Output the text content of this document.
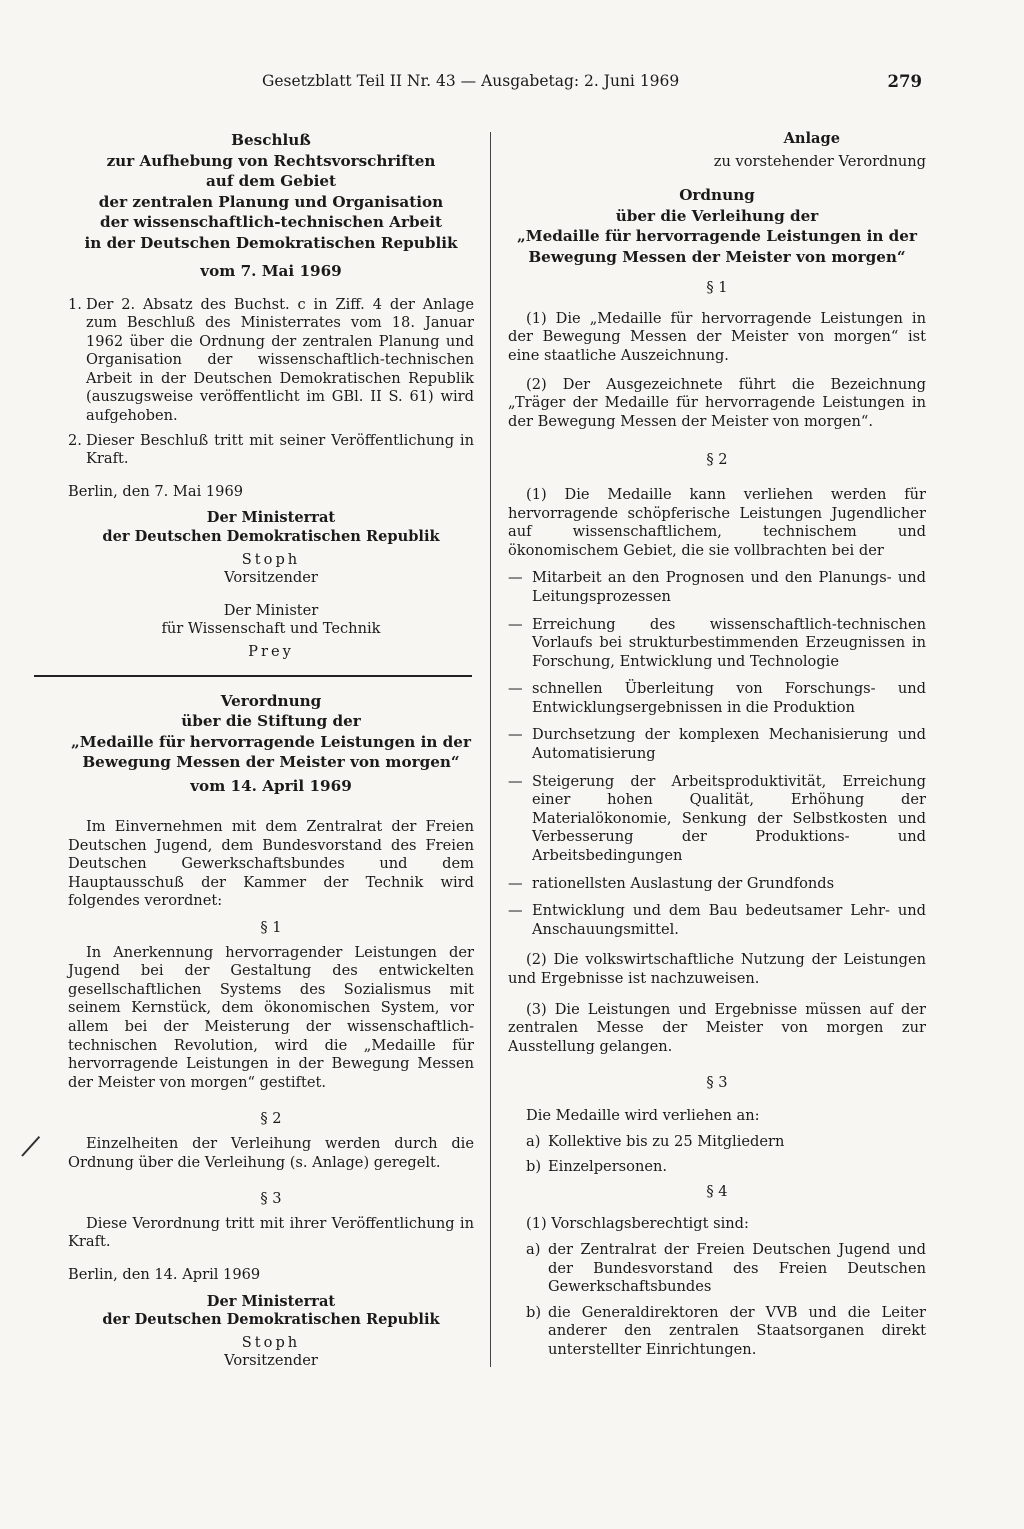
Gesetzblatt Teil II Nr. 43 — Ausgabetag: 2. Juni 1969	279
Beschluß
zur Aufhebung von Rechtsvorschriften
auf dem Gebiet
der zentralen Planung und Organisation
der wissenschaftlich-technischen Arbeit
in der Deutschen Demokratischen Republik
vom 7. Mai 1969
1. Der 2. Absatz des Buchst. c in Ziff. 4 der Anlage zum Beschluß des Ministerrates vom 18. Januar 1962 über die Ordnung der zentralen Planung und Organisation der wissenschaftlich-technischen Arbeit in der Deutschen Demokratischen Republik (auszugsweise veröffentlicht im GBl. II S. 61) wird aufgehoben.
2. Dieser Beschluß tritt mit seiner Veröffentlichung in Kraft.
Berlin, den 7. Mai 1969
Der Ministerrat
der Deutschen Demokratischen Republik
Stoph
Vorsitzender
Der Minister
für Wissenschaft und Technik
Prey
Verordnung
über die Stiftung der
„Medaille für hervorragende Leistungen in der
Bewegung Messen der Meister von morgen“
vom 14. April 1969

Im Einvernehmen mit dem Zentralrat der Freien Deutschen Jugend, dem Bundesvorstand des Freien Deutschen Gewerkschaftsbundes und dem Hauptausschuß der Kammer der Technik wird folgendes verordnet:

§ 1

In Anerkennung hervorragender Leistungen der Jugend bei der Gestaltung des entwickelten gesellschaftlichen Systems des Sozialismus mit seinem Kernstück, dem ökonomischen System, vor allem bei der Meisterung der wissenschaftlich-technischen Revolution, wird die „Medaille für hervorragende Leistungen in der Bewegung Messen der Meister von morgen“ gestiftet.

§ 2

Einzelheiten der Verleihung werden durch die Ordnung über die Verleihung (s. Anlage) geregelt.

§ 3

Diese Verordnung tritt mit ihrer Veröffentlichung in Kraft.

Berlin, den 14. April 1969
Der Ministerrat
der Deutschen Demokratischen Republik
Stoph
Vorsitzender
Anlage
zu vorstehender Verordnung
Ordnung
über die Verleihung der
„Medaille für hervorragende Leistungen in der
Bewegung Messen der Meister von morgen“
§ 1

(1) Die „Medaille für hervorragende Leistungen in der Bewegung Messen der Meister von morgen“ ist eine staatliche Auszeichnung.

(2) Der Ausgezeichnete führt die Bezeichnung „Träger der Medaille für hervorragende Leistungen in der Bewegung Messen der Meister von morgen“.

§ 2

(1) Die Medaille kann verliehen werden für hervorragende schöpferische Leistungen Jugendlicher auf wissenschaftlichem, technischem und ökonomischem Gebiet, die sie vollbrachten bei der

— Mitarbeit an den Prognosen und den Planungs- und Leitungsprozessen
— Erreichung des wissenschaftlich-technischen Vorlaufs bei strukturbestimmenden Erzeugnissen in Forschung, Entwicklung und Technologie
— schnellen Überleitung von Forschungs- und Entwicklungsergebnissen in die Produktion
— Durchsetzung der komplexen Mechanisierung und Automatisierung
— Steigerung der Arbeitsproduktivität, Erreichung einer hohen Qualität, Erhöhung der Materialökonomie, Senkung der Selbstkosten und Verbesserung der Produktions- und Arbeitsbedingungen
— rationellsten Auslastung der Grundfonds
— Entwicklung und dem Bau bedeutsamer Lehr- und Anschauungsmittel.

(2) Die volkswirtschaftliche Nutzung der Leistungen und Ergebnisse ist nachzuweisen.

(3) Die Leistungen und Ergebnisse müssen auf der zentralen Messe der Meister von morgen zur Ausstellung gelangen.

§ 3

Die Medaille wird verliehen an:

a) Kollektive bis zu 25 Mitgliedern
b) Einzelpersonen.
§ 4

(1) Vorschlagsberechtigt sind:

a) der Zentralrat der Freien Deutschen Jugend und der Bundesvorstand des Freien Deutschen Gewerkschaftsbundes
b) die Generaldirektoren der VVB und die Leiter anderer den zentralen Staatsorganen direkt unterstellter Einrichtungen.
